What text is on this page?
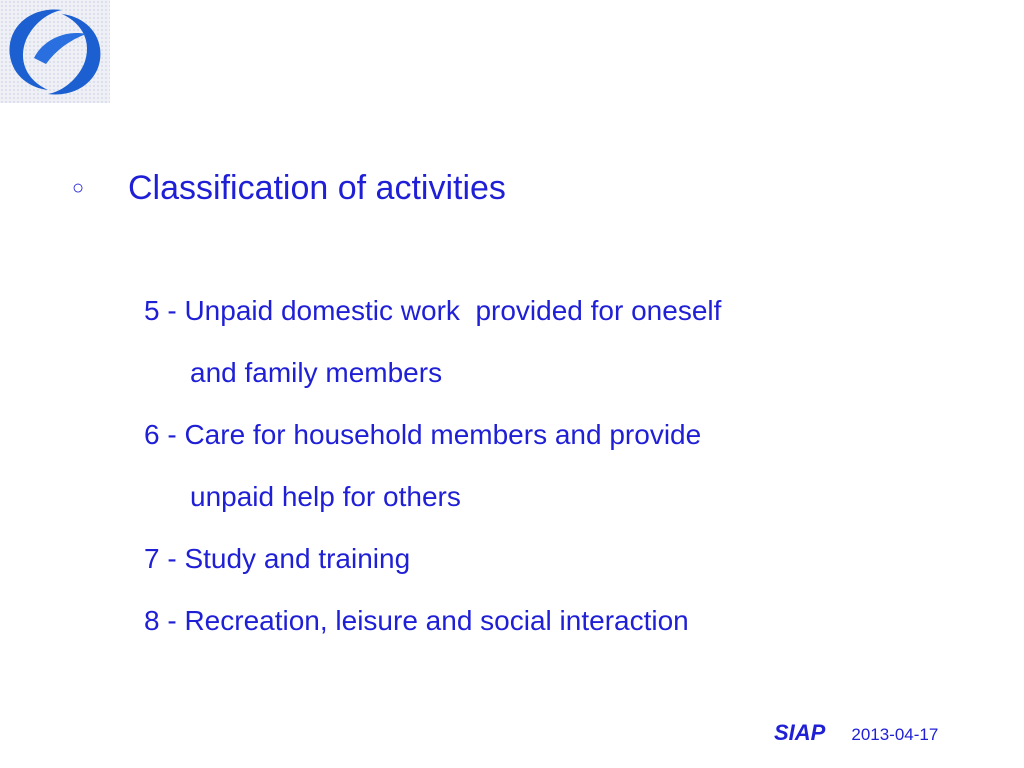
○	Classification of activities
5 - Unpaid domestic work  provided for oneself
and family members
6 - Care for household members and provide
unpaid help for others
7 - Study and training
8 - Recreation, leisure and social interaction
SIAP 2013-04-17
